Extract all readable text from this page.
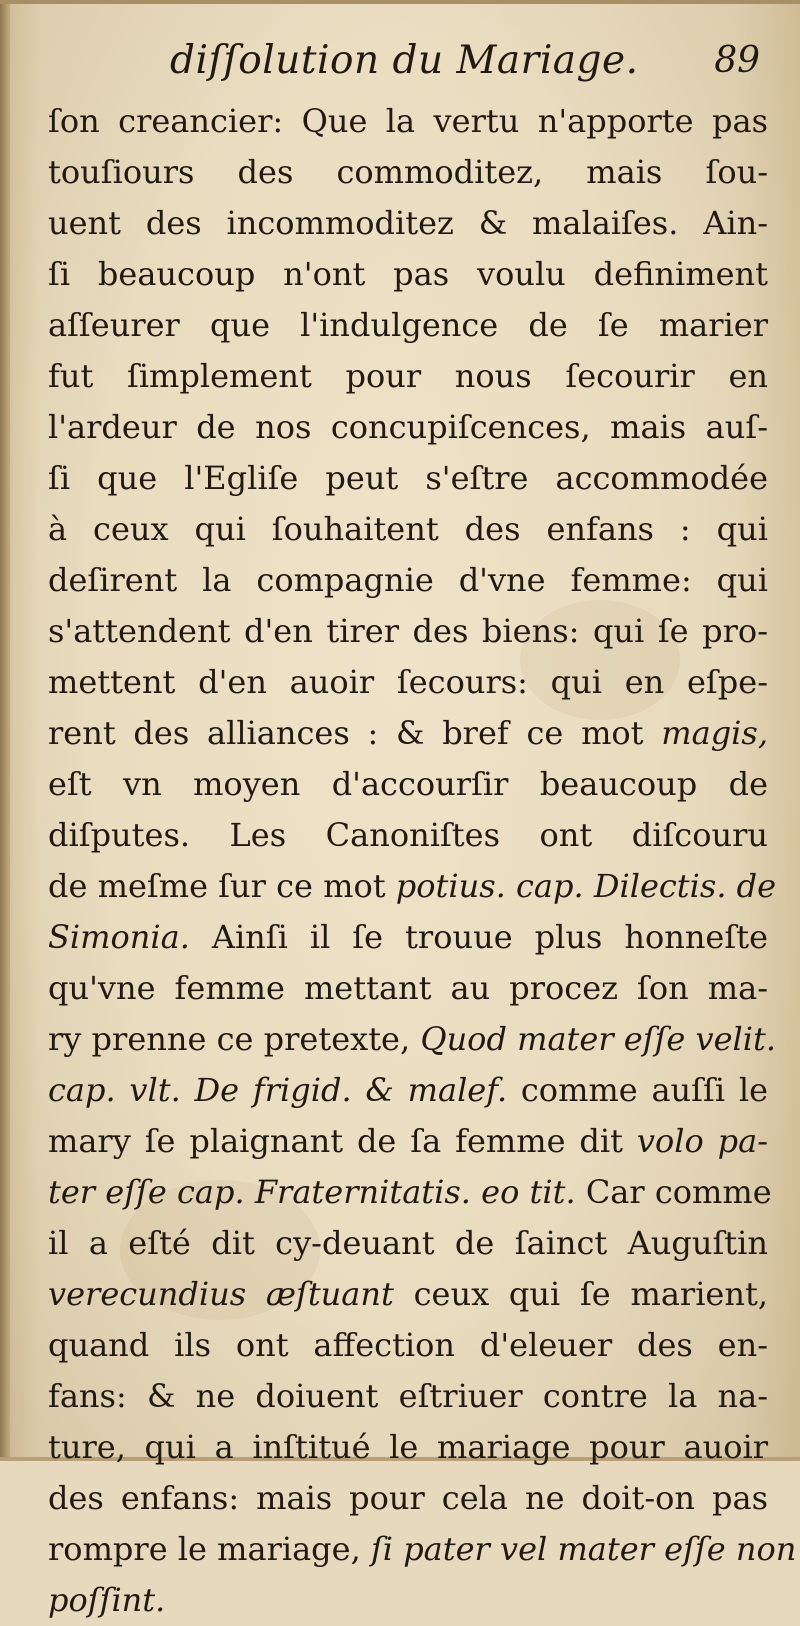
diſſolution du Mariage. 89
ſon creancier: Que la vertu n'apporte pas
touſiours des commoditez, mais ſou-
uent des incommoditez & malaiſes. Ain-
ſi beaucoup n'ont pas voulu definiment
aſſeurer que l'indulgence de ſe marier
fut ſimplement pour nous ſecourir en
l'ardeur de nos concupiſcences, mais auſ-
ſi que l'Egliſe peut s'eſtre accommodée
à ceux qui ſouhaitent des enfans : qui
deſirent la compagnie d'vne femme: qui
s'attendent d'en tirer des biens: qui ſe pro-
mettent d'en auoir ſecours: qui en eſpe-
rent des alliances : & bref ce mot magis,
eſt vn moyen d'accourſir beaucoup de
diſputes. Les Canoniſtes ont diſcouru
de meſme ſur ce mot potius. cap. Dilectis. de
Simonia. Ainſi il ſe trouue plus honneſte
qu'vne femme mettant au procez ſon ma-
ry prenne ce pretexte, Quod mater eſſe velit.
cap. vlt. De frigid. & malef. comme auſſi le
mary ſe plaignant de ſa femme dit volo pa-
ter eſſe cap. Fraternitatis. eo tit. Car comme
il a eſté dit cy-deuant de ſainct Auguſtin
verecundius æſtuant ceux qui ſe marient,
quand ils ont affection d'eleuer des en-
fans: & ne doiuent eſtriuer contre la na-
ture, qui a inſtitué le mariage pour auoir
des enfans: mais pour cela ne doit-on pas
rompre le mariage, ſi pater vel mater eſſe non
poſſint.
